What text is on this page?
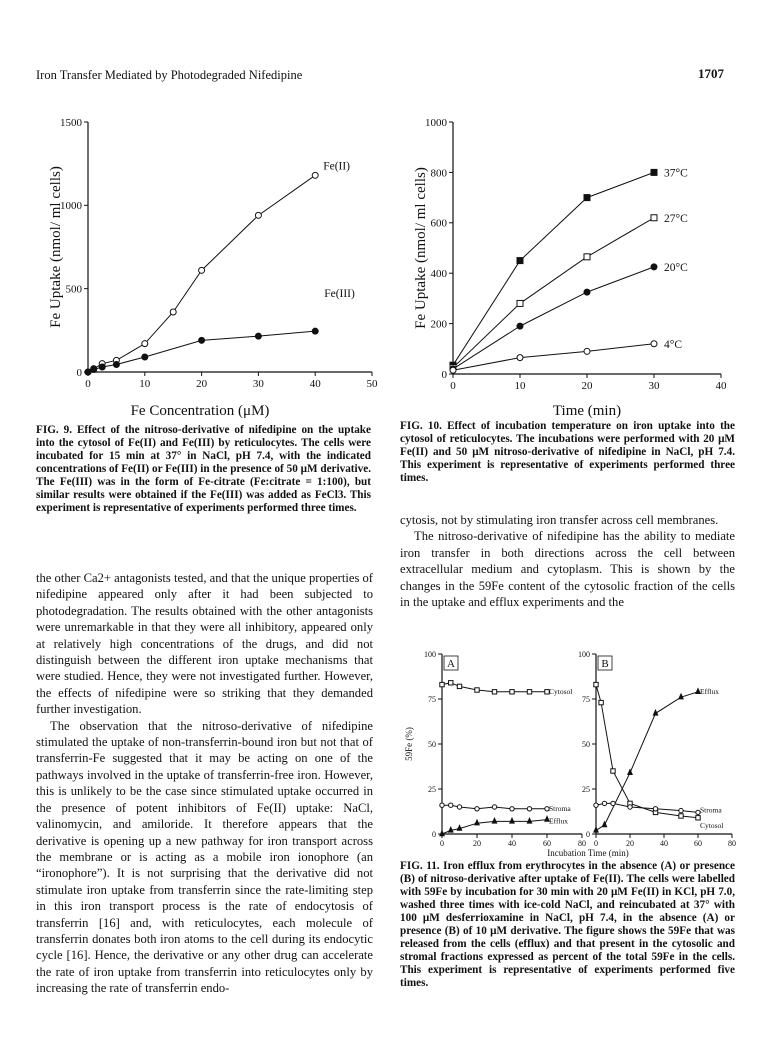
Iron Transfer Mediated by Photodegraded Nifedipine	1707
0	10	20	30	40	50
0
500
1000
1500
Fe(II)
Fe(III)
Fe Concentration (μM)
Fe Uptake (nmol/ ml cells)
0	10	20	30	40
0
200
400
600
800
1000
37°C
27°C
20°C
4°C
Time (min)
Fe Uptake (nmol/ ml cells)
FIG. 9. Effect of the nitroso-derivative of nifedipine on the uptake into the cytosol of Fe(II) and Fe(III) by reticulocytes. The cells were incubated for 15 min at 37° in NaCl, pH 7.4, with the indicated concentrations of Fe(II) or Fe(III) in the presence of 50 μM derivative. The Fe(III) was in the form of Fe-citrate (Fe:citrate = 1:100), but similar results were obtained if the Fe(III) was added as FeCl3. This experiment is representative of experiments performed three times.
FIG. 10. Effect of incubation temperature on iron uptake into the cytosol of reticulocytes. The incubations were performed with 20 μM Fe(II) and 50 μM nitroso-derivative of nifedipine in NaCl, pH 7.4. This experiment is representative of experiments performed three times.

the other Ca2+ antagonists tested, and that the unique properties of nifedipine appeared only after it had been subjected to photodegradation. The results obtained with the other antagonists were unremarkable in that they were all inhibitory, appeared only at relatively high concentrations of the drugs, and did not distinguish between the different iron uptake mechanisms that were studied. Hence, they were not investigated further. However, the effects of nifedipine were so striking that they demanded further investigation.

The observation that the nitroso-derivative of nifedipine stimulated the uptake of non-transferrin-bound iron but not that of transferrin-Fe suggested that it may be acting on one of the pathways involved in the uptake of transferrin-free iron. However, this is unlikely to be the case since stimulated uptake occurred in the presence of potent inhibitors of Fe(II) uptake: NaCl, valinomycin, and amiloride. It therefore appears that the derivative is opening up a new pathway for iron transport across the membrane or is acting as a mobile iron ionophore (an “ironophore”). It is not surprising that the derivative did not stimulate iron uptake from transferrin since the rate-limiting step in this iron transport process is the rate of endocytosis of transferrin [16] and, with reticulocytes, each molecule of transferrin donates both iron atoms to the cell during its endocytic cycle [16]. Hence, the derivative or any other drug can accelerate the rate of iron uptake from transferrin into reticulocytes only by increasing the rate of transferrin endo-

cytosis, not by stimulating iron transfer across cell membranes.

The nitroso-derivative of nifedipine has the ability to mediate iron transfer in both directions across the cell between extracellular medium and cytoplasm. This is shown by the changes in the 59Fe content of the cytosolic fraction of the cells in the uptake and efflux experiments and the

0	20	40	60	80
0
25
50
75
100
A
Cytosol
Stroma
Efflux
0	20	40	60	80
0
25
50
75
100
B
Efflux
Cytosol
Stroma
Incubation Time (min)
59Fe (%)
FIG. 11. Iron efflux from erythrocytes in the absence (A) or presence (B) of nitroso-derivative after uptake of Fe(II). The cells were labelled with 59Fe by incubation for 30 min with 20 μM Fe(II) in KCl, pH 7.0, washed three times with ice-cold NaCl, and reincubated at 37° with 100 μM desferrioxamine in NaCl, pH 7.4, in the absence (A) or presence (B) of 10 μM derivative. The figure shows the 59Fe that was released from the cells (efflux) and that present in the cytosolic and stromal fractions expressed as percent of the total 59Fe in the cells. This experiment is representative of experiments performed five times.
